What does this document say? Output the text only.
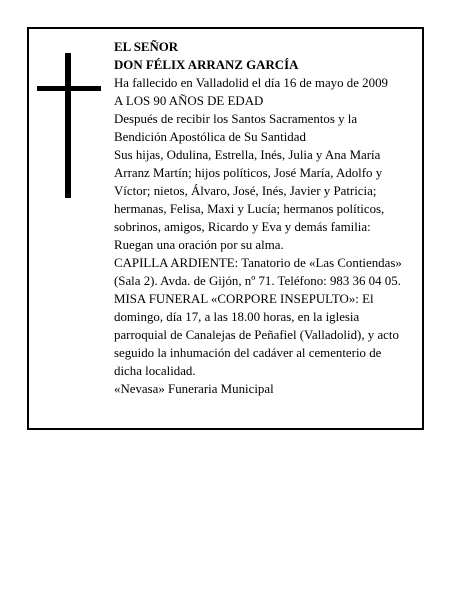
EL SEÑOR
DON FÉLIX ARRANZ GARCÍA
Ha fallecido en Valladolid el día 16 de mayo de 2009
A LOS 90 AÑOS DE EDAD
Después de recibir los Santos Sacramentos y la
Bendición Apostólica de Su Santidad
Sus hijas, Odulina, Estrella, Inés, Julia y Ana María
Arranz Martín; hijos políticos, José María, Adolfo y
Víctor; nietos, Álvaro, José, Inés, Javier y Patricia;
hermanas, Felisa, Maxi y Lucía; hermanos políticos,
sobrinos, amigos, Ricardo y Eva y demás familia:
Ruegan una oración por su alma.
CAPILLA ARDIENTE: Tanatorio de «Las Contiendas»
(Sala 2). Avda. de Gijón, nº 71. Teléfono: 983 36 04 05.
MISA FUNERAL «CORPORE INSEPULTO»: El
domingo, día 17, a las 18.00 horas, en la iglesia
parroquial de Canalejas de Peñafiel (Valladolid), y acto
seguido la inhumación del cadáver al cementerio de
dicha localidad.
«Nevasa» Funeraria Municipal
